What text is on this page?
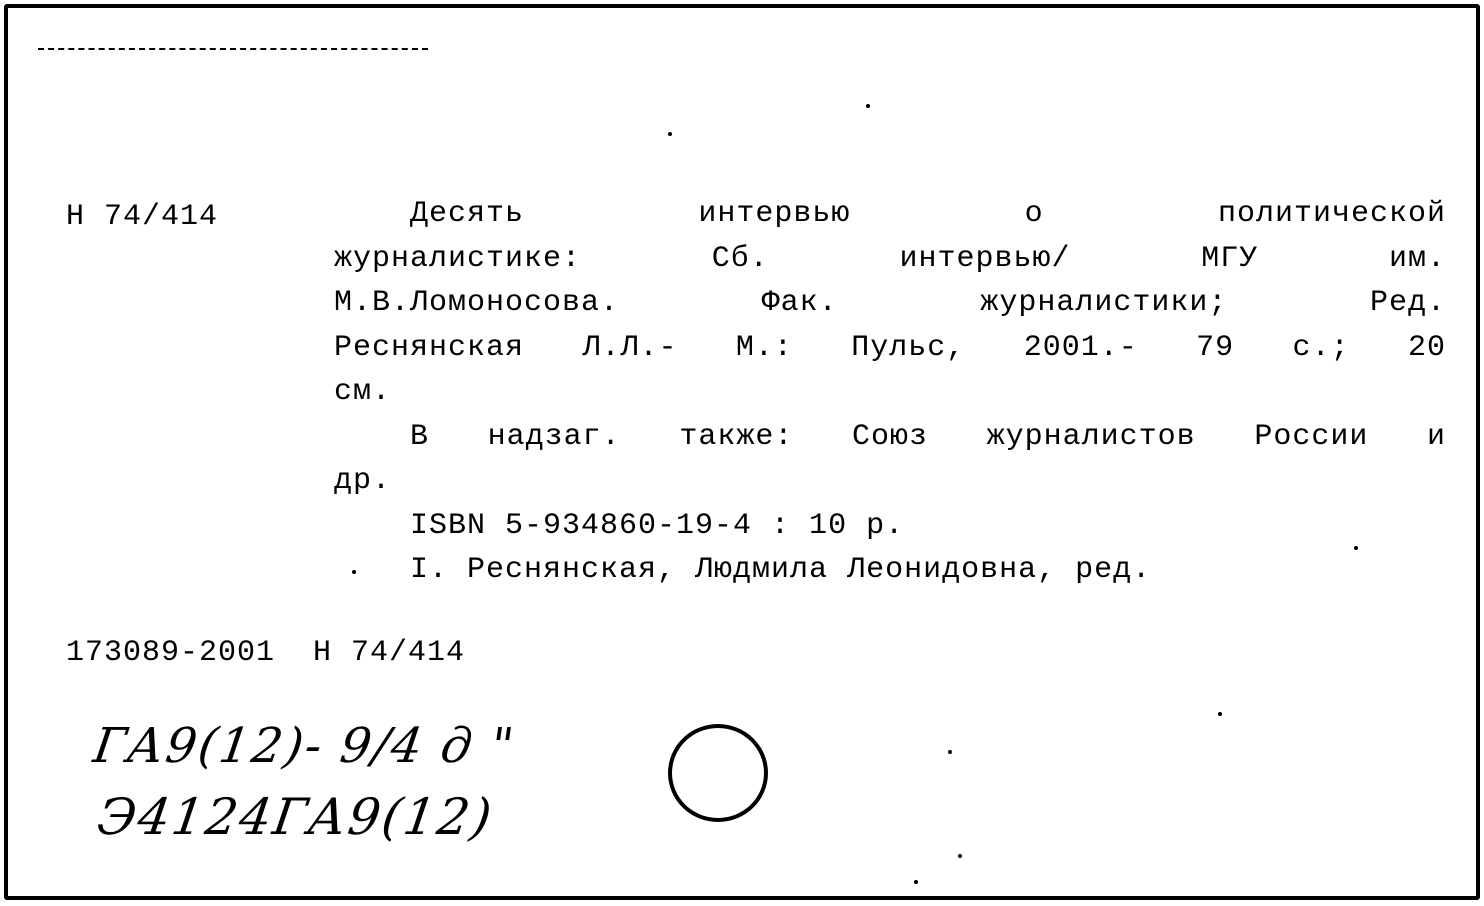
Н 74/414	Десять интервью о политической
журналистике: Сб. интервью/ МГУ им.
М.В.Ломоносова. Фак. журналистики; Ред.
Реснянская Л.Л.- М.: Пульс, 2001.- 79 с.; 20
см.
В надзаг. также: Союз журналистов России и
др.
ISBN 5-934860-19-4 : 10 р.
I. Реснянская, Людмила Леонидовна, ред.
173089-2001  Н 74/414
ГА9(12)- 9/4 д "
Э4124ГА9(12)
